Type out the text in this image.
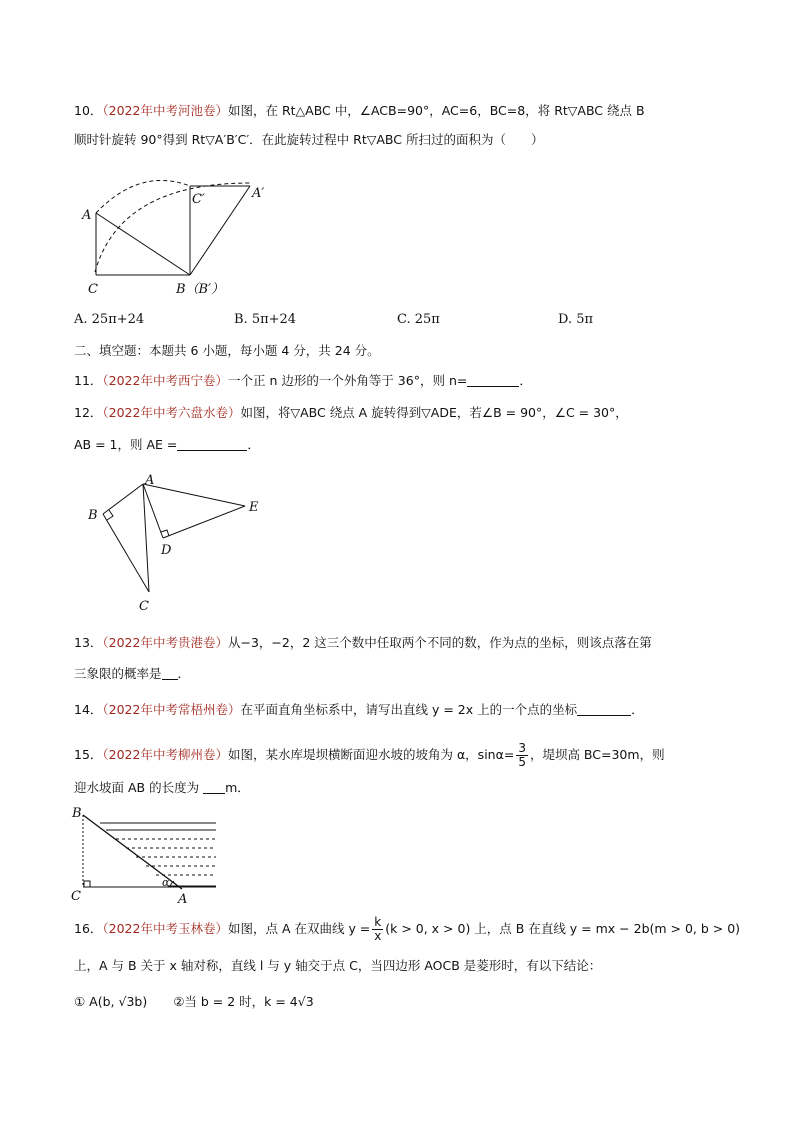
10．（2022年中考河池卷）如图，在 Rt△ABC 中，∠ACB=90°，AC=6，BC=8，将 Rt▽ABC 绕点 B
顺时针旋转 90°得到 Rt▽A′B′C′．在此旋转过程中 Rt▽ABC 所扫过的面积为（　　）
A
C	B（B′）
C′	A′
A. 25π+24	B. 5π+24	C. 25π	D. 5π
二、填空题：本题共 6 小题，每小题 4 分，共 24 分。
11．（2022年中考西宁卷）一个正 n 边形的一个外角等于 36°，则 n=	．
12．（2022年中考六盘水卷）如图，将▽ABC 绕点 A 旋转得到▽ADE，若∠B = 90°，∠C = 30°，
AB = 1，则 AE =	．
A
B
C
D
E
13．（2022年中考贵港卷）从−3，−2，2 这三个数中任取两个不同的数，作为点的坐标，则该点落在第
三象限的概率是 ．
14．（2022年中考常梧州卷）在平面直角坐标系中，请写出直线 y = 2x 上的一个点的坐标	．
15．（2022年中考柳州卷）如图，某水库堤坝横断面迎水坡的坡角为 α，$\sin\alpha= \frac{3}{5}$ ，堤坝高 BC=30m，则
迎水坡面 AB 的长度为 m．
B
C	A
α
16．（2022年中考玉林卷）如图，点 A 在双曲线 $y = \frac{k}{x} (k > 0$, x > 0) 上，点 B 在直线 y = mx − 2b(m > 0, b > 0)
上，A 与 B 关于 x 轴对称，直线 l 与 y 轴交于点 C，当四边形 AOCB 是菱形时，有以下结论：
① A(b, √3b) ②当 b = 2 时，k = 4√3
